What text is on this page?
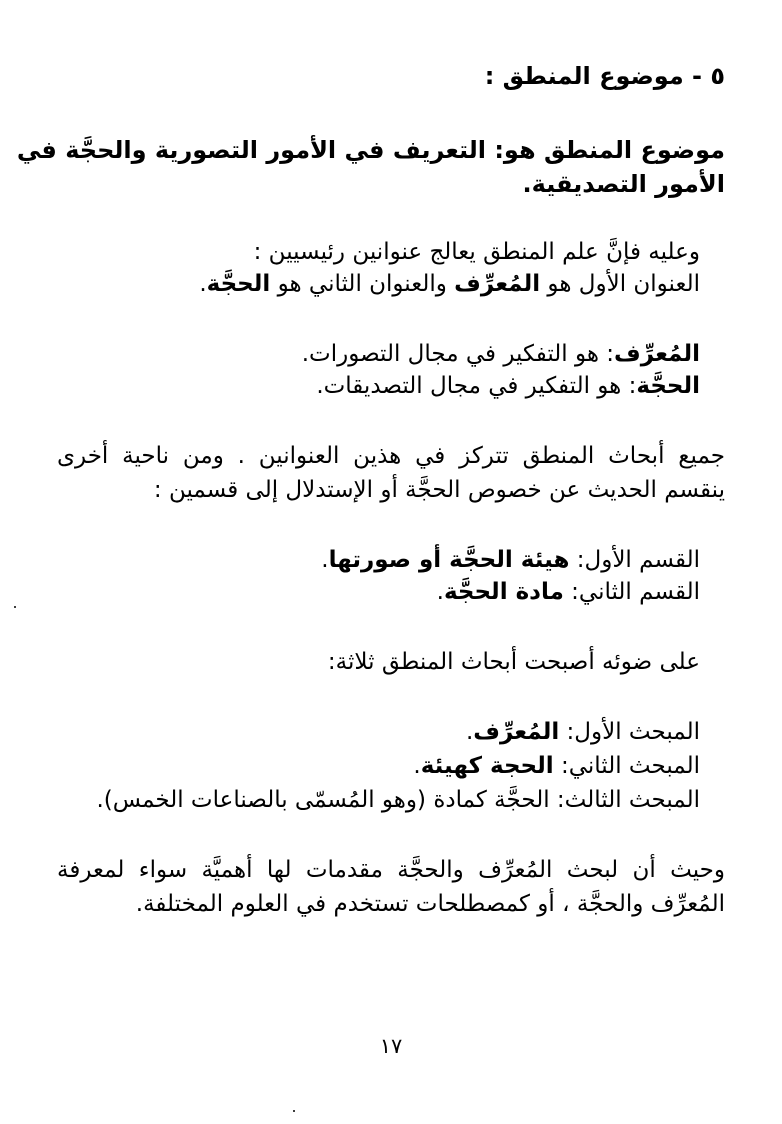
٥ - موضوع المنطق :
موضوع المنطق هو: التعريف في الأمور التصورية والحجَّة في
الأمور التصديقية.
وعليه فإنَّ علم المنطق يعالج عنوانين رئيسيين :
العنوان الأول هو المُعرِّف والعنوان الثاني هو الحجَّة.
المُعرِّف: هو التفكير في مجال التصورات.
الحجَّة: هو التفكير في مجال التصديقات.
جميع أبحاث المنطق تتركز في هذين العنوانين . ومن ناحية أخرى
ينقسم الحديث عن خصوص الحجَّة أو الإستدلال إلى قسمين :
القسم الأول: هيئة الحجَّة أو صورتها.
القسم الثاني: مادة الحجَّة.
على ضوئه أصبحت أبحاث المنطق ثلاثة:
المبحث الأول: المُعرِّف.
المبحث الثاني: الحجة كهيئة.
المبحث الثالث: الحجَّة كمادة (وهو المُسمّى بالصناعات الخمس).
وحيث أن لبحث المُعرِّف والحجَّة مقدمات لها أهميَّة سواء لمعرفة
المُعرِّف والحجَّة ، أو كمصطلحات تستخدم في العلوم المختلفة.
١٧
